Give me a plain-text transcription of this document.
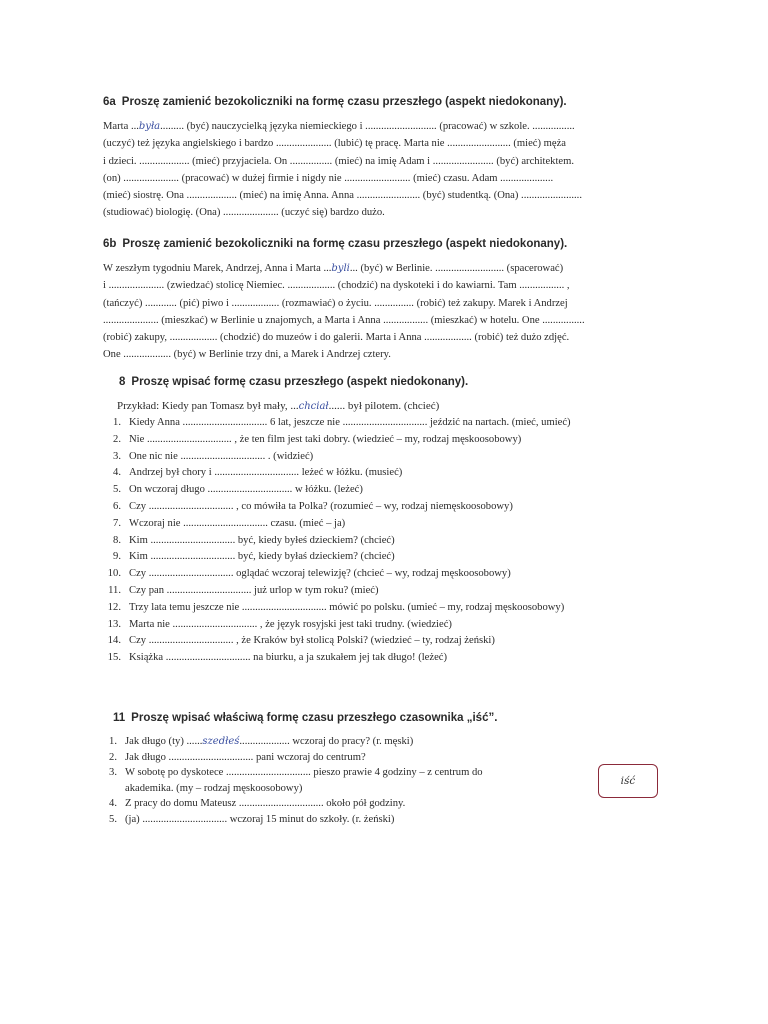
6a Proszę zamienić bezokoliczniki na formę czasu przeszłego (aspekt niedokonany).

Marta ...była......... (być) nauczycielką języka niemieckiego i ........................... (pracować) w szkole. ................
(uczyć) też języka angielskiego i bardzo ..................... (lubić) tę pracę. Marta nie ........................ (mieć) męża
i dzieci. ................... (mieć) przyjaciela. On ................ (mieć) na imię Adam i ....................... (być) architektem.
(on) ..................... (pracować) w dużej firmie i nigdy nie ......................... (mieć) czasu. Adam ....................
(mieć) siostrę. Ona ................... (mieć) na imię Anna. Anna ........................ (być) studentką. (Ona) .......................
(studiować) biologię. (Ona) ..................... (uczyć się) bardzo dużo.

6b Proszę zamienić bezokoliczniki na formę czasu przeszłego (aspekt niedokonany).

W zeszłym tygodniu Marek, Andrzej, Anna i Marta ...byli... (być) w Berlinie. .......................... (spacerować)
i ..................... (zwiedzać) stolicę Niemiec. .................. (chodzić) na dyskoteki i do kawiarni. Tam ................. ,
(tańczyć) ............ (pić) piwo i .................. (rozmawiać) o życiu. ............... (robić) też zakupy. Marek i Andrzej
..................... (mieszkać) w Berlinie u znajomych, a Marta i Anna ................. (mieszkać) w hotelu. One ................
(robić) zakupy, .................. (chodzić) do muzeów i do galerii. Marta i Anna .................. (robić) też dużo zdjęć.
One .................. (być) w Berlinie trzy dni, a Marek i Andrzej cztery.

8 Proszę wpisać formę czasu przeszłego (aspekt niedokonany).

Przykład: Kiedy pan Tomasz był mały, ...chciał...... był pilotem. (chcieć)
1. Kiedy Anna ................................ 6 lat, jeszcze nie ................................ jeździć na nartach. (mieć, umieć)
2. Nie ................................ , że ten film jest taki dobry. (wiedzieć – my, rodzaj męskoosobowy)
3. One nic nie ................................ . (widzieć)
4. Andrzej był chory i ................................ leżeć w łóżku. (musieć)
5. On wczoraj długo ................................ w łóżku. (leżeć)
6. Czy ................................ , co mówiła ta Polka? (rozumieć – wy, rodzaj niemęskoosobowy)
7. Wczoraj nie ................................ czasu. (mieć – ja)
8. Kim ................................ być, kiedy byłeś dzieckiem? (chcieć)
9. Kim ................................ być, kiedy byłaś dzieckiem? (chcieć)
10. Czy ................................ oglądać wczoraj telewizję? (chcieć – wy, rodzaj męskoosobowy)
11. Czy pan ................................ już urlop w tym roku? (mieć)
12. Trzy lata temu jeszcze nie ................................ mówić po polsku. (umieć – my, rodzaj męskoosobowy)
13. Marta nie ................................ , że język rosyjski jest taki trudny. (wiedzieć)
14. Czy ................................ , że Kraków był stolicą Polski? (wiedzieć – ty, rodzaj żeński)
15. Książka ................................ na biurku, a ja szukałem jej tak długo! (leżeć)

11 Proszę wpisać właściwą formę czasu przeszłego czasownika „iść”.

1. Jak długo (ty) ......szedłeś................... wczoraj do pracy? (r. męski)
2. Jak długo ................................ pani wczoraj do centrum?
3. W sobotę po dyskotece ................................ pieszo prawie 4 godziny – z centrum do akademika. (my – rodzaj męskoosobowy)
4. Z pracy do domu Mateusz ................................ około pół godziny.
5. (ja) ................................ wczoraj 15 minut do szkoły. (r. żeński)
iść
